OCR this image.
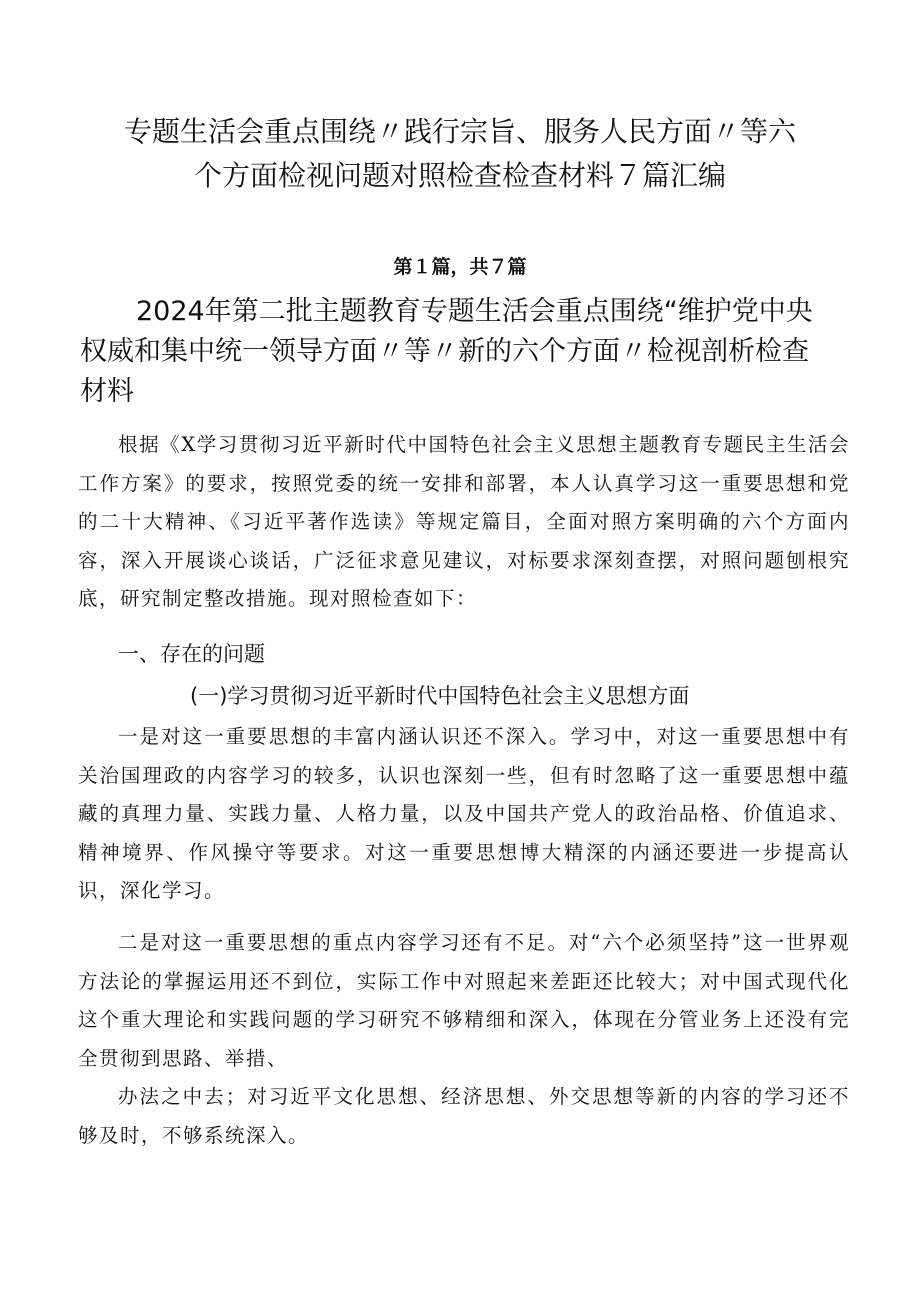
专题生活会重点围绕〃践行宗旨、服务人民方面〃等六
个方面检视问题对照检查检查材料７篇汇编
第１篇，共７篇
2024年第二批主题教育专题生活会重点围绕“维护党中央
权威和集中统一领导方面〃等〃新的六个方面〃检视剖析检查
材料

根据《X学习贯彻习近平新时代中国特色社会主义思想主题教育专题民主生活会工作方案》的要求，按照党委的统一安排和部署，本人认真学习这一重要思想和党的二十大精神、《习近平著作选读》等规定篇目，全面对照方案明确的六个方面内容，深入开展谈心谈话，广泛征求意见建议，对标要求深刻查摆，对照问题刨根究底，研究制定整改措施。现对照检查如下：

一、存在的问题
(一)学习贯彻习近平新时代中国特色社会主义思想方面

一是对这一重要思想的丰富内涵认识还不深入。学习中，对这一重要思想中有关治国理政的内容学习的较多，认识也深刻一些，但有时忽略了这一重要思想中蕴藏的真理力量、实践力量、人格力量，以及中国共产党人的政治品格、价值追求、精神境界、作风操守等要求。对这一重要思想博大精深的内涵还要进一步提高认识，深化学习。

二是对这一重要思想的重点内容学习还有不足。对“六个必须坚持”这一世界观方法论的掌握运用还不到位，实际工作中对照起来差距还比较大；对中国式现代化这个重大理论和实践问题的学习研究不够精细和深入，体现在分管业务上还没有完全贯彻到思路、举措、
办法之中去；对习近平文化思想、经济思想、外交思想等新的内容的学习还不够及时，不够系统深入。
